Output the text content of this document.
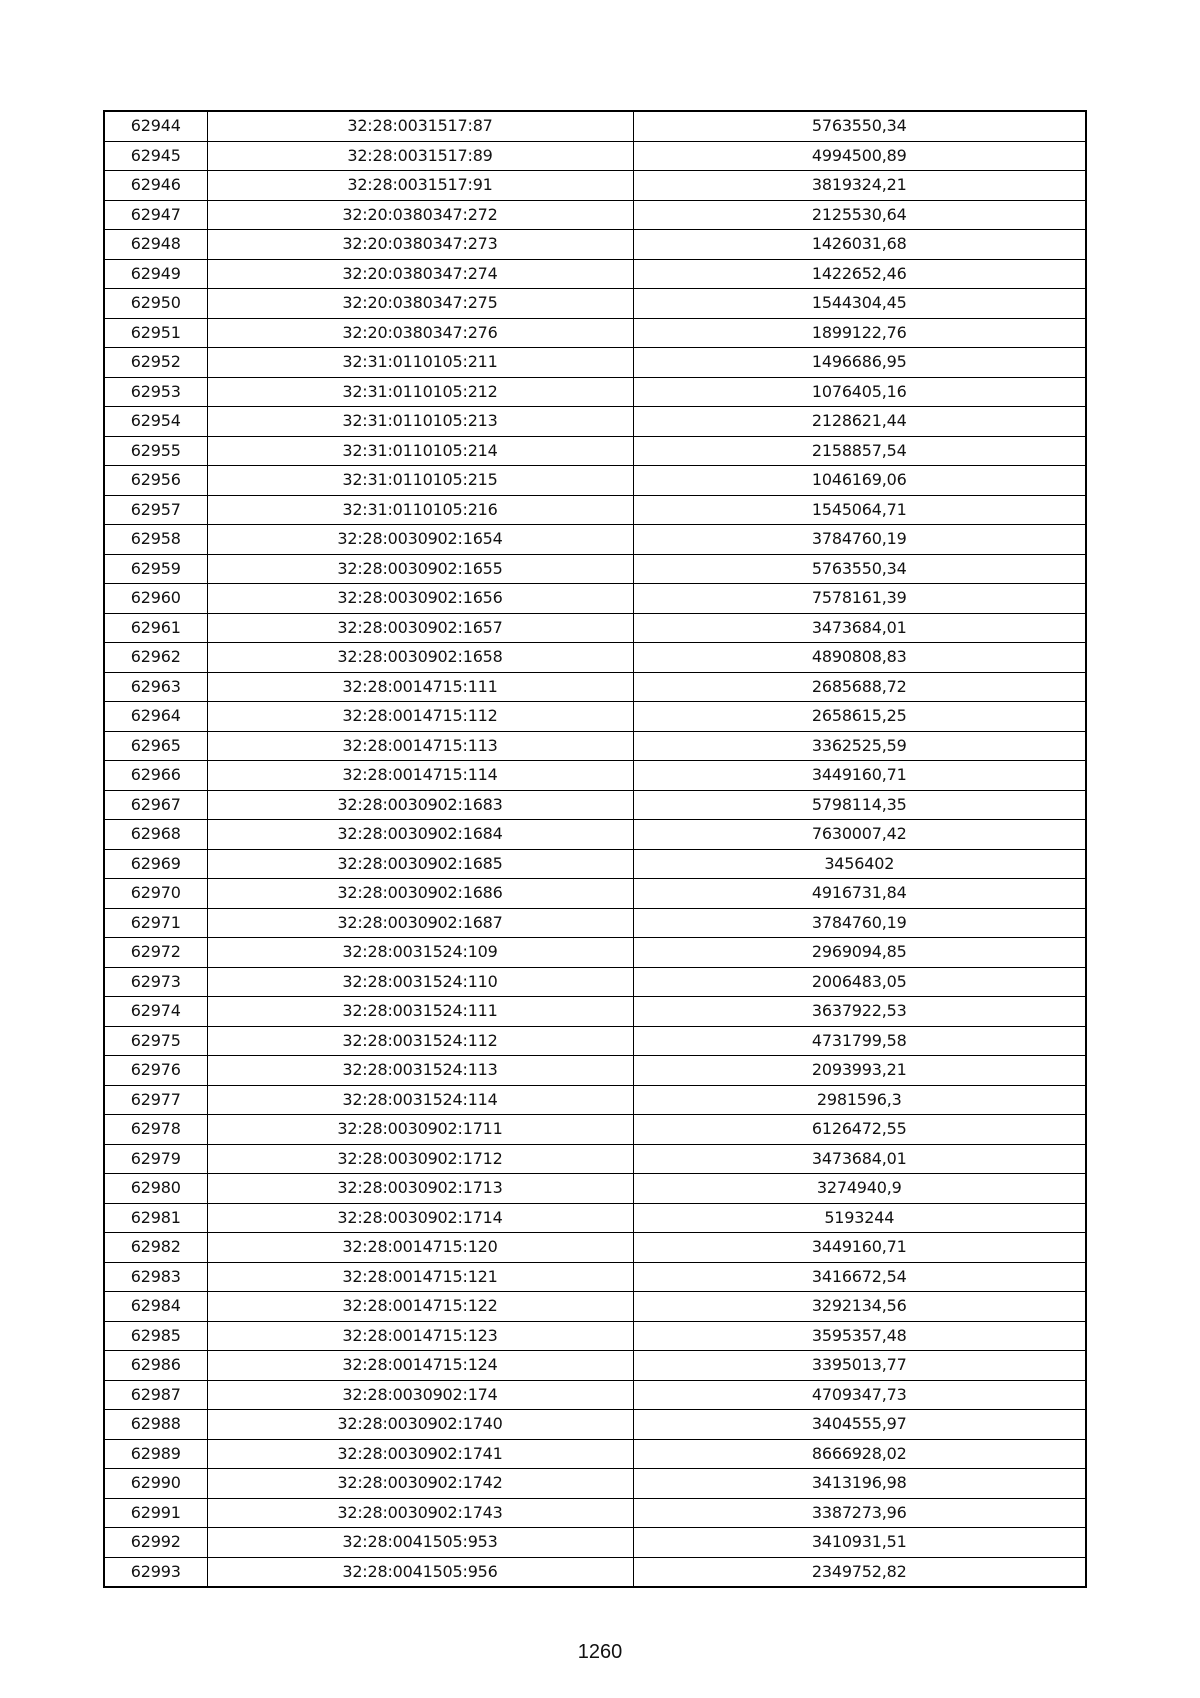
62944	32:28:0031517:87	5763550,34
62945	32:28:0031517:89	4994500,89
62946	32:28:0031517:91	3819324,21
62947	32:20:0380347:272	2125530,64
62948	32:20:0380347:273	1426031,68
62949	32:20:0380347:274	1422652,46
62950	32:20:0380347:275	1544304,45
62951	32:20:0380347:276	1899122,76
62952	32:31:0110105:211	1496686,95
62953	32:31:0110105:212	1076405,16
62954	32:31:0110105:213	2128621,44
62955	32:31:0110105:214	2158857,54
62956	32:31:0110105:215	1046169,06
62957	32:31:0110105:216	1545064,71
62958	32:28:0030902:1654	3784760,19
62959	32:28:0030902:1655	5763550,34
62960	32:28:0030902:1656	7578161,39
62961	32:28:0030902:1657	3473684,01
62962	32:28:0030902:1658	4890808,83
62963	32:28:0014715:111	2685688,72
62964	32:28:0014715:112	2658615,25
62965	32:28:0014715:113	3362525,59
62966	32:28:0014715:114	3449160,71
62967	32:28:0030902:1683	5798114,35
62968	32:28:0030902:1684	7630007,42
62969	32:28:0030902:1685	3456402
62970	32:28:0030902:1686	4916731,84
62971	32:28:0030902:1687	3784760,19
62972	32:28:0031524:109	2969094,85
62973	32:28:0031524:110	2006483,05
62974	32:28:0031524:111	3637922,53
62975	32:28:0031524:112	4731799,58
62976	32:28:0031524:113	2093993,21
62977	32:28:0031524:114	2981596,3
62978	32:28:0030902:1711	6126472,55
62979	32:28:0030902:1712	3473684,01
62980	32:28:0030902:1713	3274940,9
62981	32:28:0030902:1714	5193244
62982	32:28:0014715:120	3449160,71
62983	32:28:0014715:121	3416672,54
62984	32:28:0014715:122	3292134,56
62985	32:28:0014715:123	3595357,48
62986	32:28:0014715:124	3395013,77
62987	32:28:0030902:174	4709347,73
62988	32:28:0030902:1740	3404555,97
62989	32:28:0030902:1741	8666928,02
62990	32:28:0030902:1742	3413196,98
62991	32:28:0030902:1743	3387273,96
62992	32:28:0041505:953	3410931,51
62993	32:28:0041505:956	2349752,82
1260
